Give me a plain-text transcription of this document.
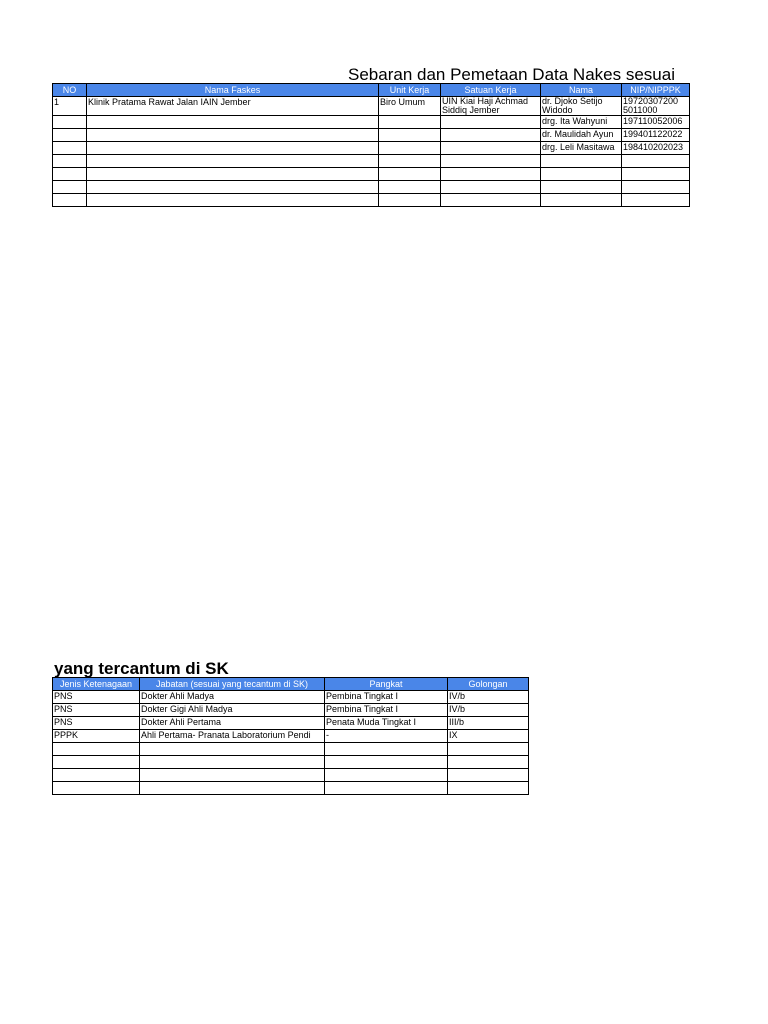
Sebaran dan Pemetaan Data Nakes sesuai
NO	Nama Faskes	Unit Kerja	Satuan Kerja	Nama	NIP/NIPPPK
1	Klinik Pratama Rawat Jalan IAIN Jember	Biro Umum	UIN Kiai Haji Achmad Siddiq Jember	dr. Djoko Setijo Widodo	19720307200 5011000
				drg. Ita Wahyuni	197110052006
				dr. Maulidah Ayun	199401122022
				drg. Leli Masitawa	198410202023

yang tercantum di SK
Jenis Ketenagaan	Jabatan (sesuai yang tecantum di SK)	Pangkat	Golongan
PNS	Dokter Ahli Madya	Pembina Tingkat I	IV/b
PNS	Dokter Gigi Ahli Madya	Pembina Tingkat I	IV/b
PNS	Dokter Ahli Pertama	Penata Muda Tingkat I	III/b
PPPK	Ahli Pertama- Pranata Laboratorium Pendi	-	IX
